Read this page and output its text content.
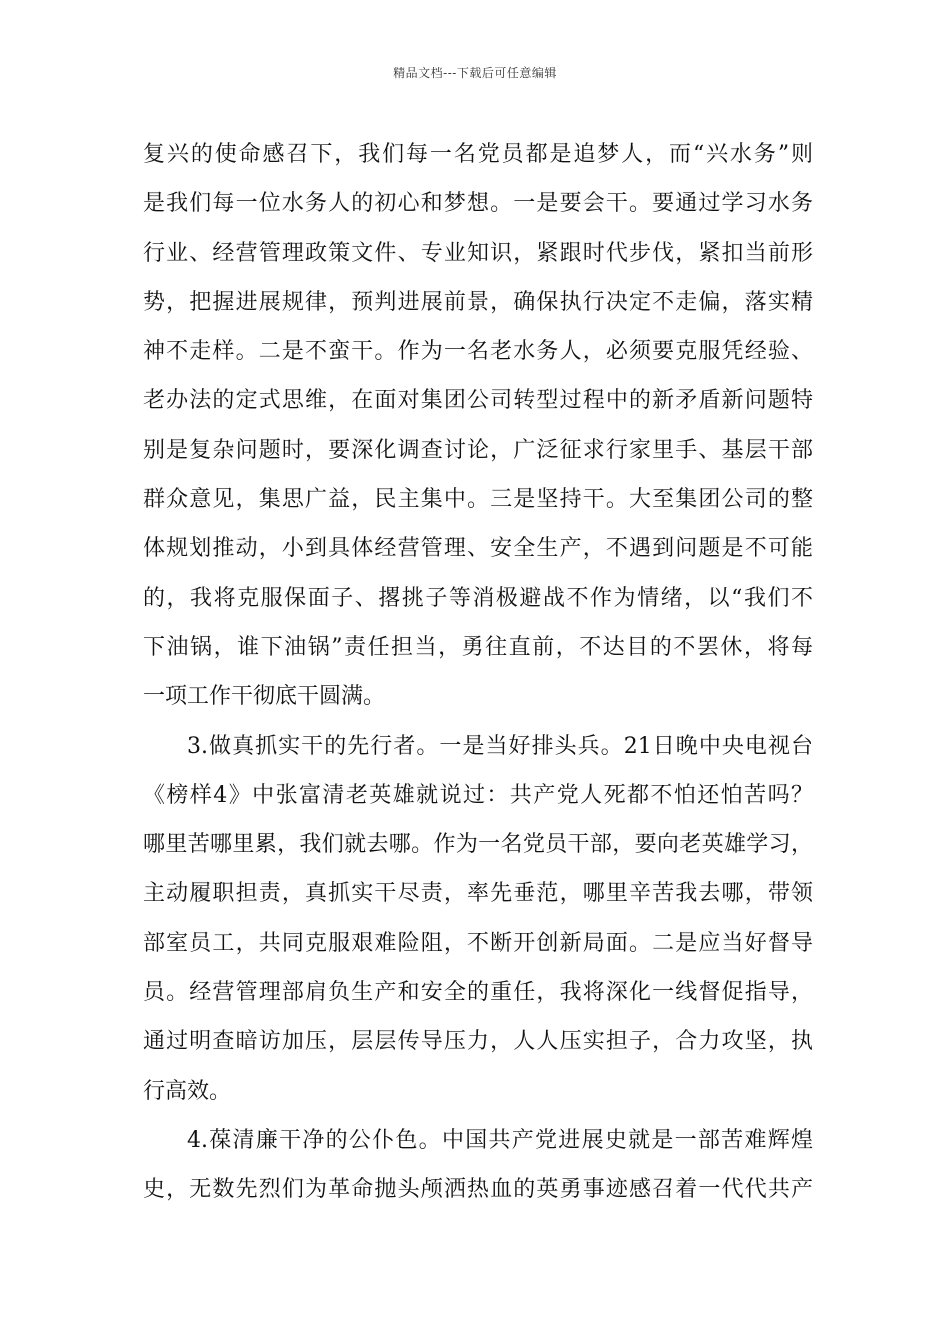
精品文档---下载后可任意编辑
复兴的使命感召下，我们每一名党员都是追梦人，而“兴水务”则
是我们每一位水务人的初心和梦想。一是要会干。要通过学习水务
行业、经营管理政策文件、专业知识，紧跟时代步伐，紧扣当前形
势，把握进展规律，预判进展前景，确保执行决定不走偏，落实精
神不走样。二是不蛮干。作为一名老水务人，必须要克服凭经验、
老办法的定式思维，在面对集团公司转型过程中的新矛盾新问题特
别是复杂问题时，要深化调查讨论，广泛征求行家里手、基层干部
群众意见，集思广益，民主集中。三是坚持干。大至集团公司的整
体规划推动，小到具体经营管理、安全生产，不遇到问题是不可能
的，我将克服保面子、撂挑子等消极避战不作为情绪，以“我们不
下油锅，谁下油锅”责任担当，勇往直前，不达目的不罢休，将每
一项工作干彻底干圆满。
3.做真抓实干的先行者。一是当好排头兵。21日晚中央电视台
《榜样4》中张富清老英雄就说过：共产党人死都不怕还怕苦吗？
哪里苦哪里累，我们就去哪。作为一名党员干部，要向老英雄学习，
主动履职担责，真抓实干尽责，率先垂范，哪里辛苦我去哪，带领
部室员工，共同克服艰难险阻，不断开创新局面。二是应当好督导
员。经营管理部肩负生产和安全的重任，我将深化一线督促指导，
通过明查暗访加压，层层传导压力，人人压实担子，合力攻坚，执
行高效。
4.葆清廉干净的公仆色。中国共产党进展史就是一部苦难辉煌
史，无数先烈们为革命抛头颅洒热血的英勇事迹感召着一代代共产
